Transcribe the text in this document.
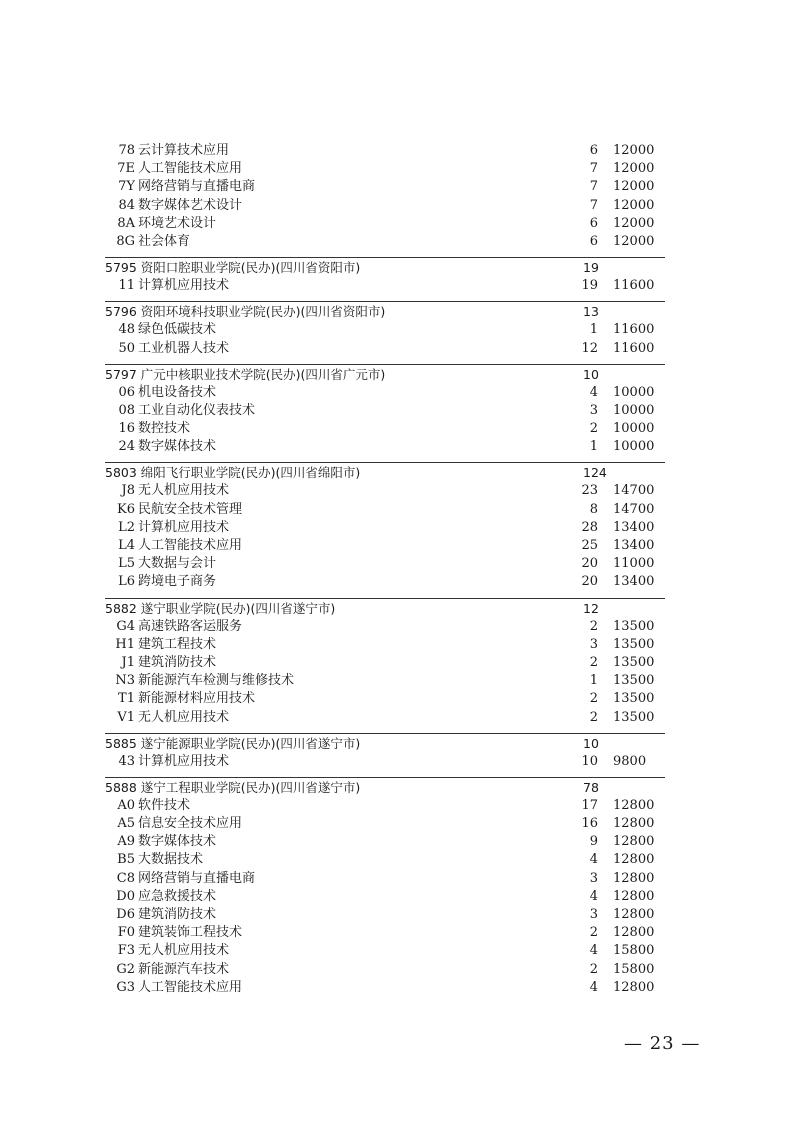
78 云计算技术应用	6 12000
7E 人工智能技术应用	7 12000
7Y 网络营销与直播电商	7 12000
84 数字媒体艺术设计	7 12000
8A 环境艺术设计	6 12000
8G 社会体育	6 12000
5795 资阳口腔职业学院(民办)(四川省资阳市)	19
11 计算机应用技术	19 11600
5796 资阳环境科技职业学院(民办)(四川省资阳市)	13
48 绿色低碳技术	1 11600
50 工业机器人技术	12 11600
5797 广元中核职业技术学院(民办)(四川省广元市)	10
06 机电设备技术	4 10000
08 工业自动化仪表技术	3 10000
16 数控技术	2 10000
24 数字媒体技术	1 10000
5803 绵阳飞行职业学院(民办)(四川省绵阳市)	124
J8 无人机应用技术	23 14700
K6 民航安全技术管理	8 14700
L2 计算机应用技术	28 13400
L4 人工智能技术应用	25 13400
L5 大数据与会计	20 11000
L6 跨境电子商务	20 13400
5882 遂宁职业学院(民办)(四川省遂宁市)	12
G4 高速铁路客运服务	2 13500
H1 建筑工程技术	3 13500
J1 建筑消防技术	2 13500
N3 新能源汽车检测与维修技术	1 13500
T1 新能源材料应用技术	2 13500
V1 无人机应用技术	2 13500
5885 遂宁能源职业学院(民办)(四川省遂宁市)	10
43 计算机应用技术	10 9800
5888 遂宁工程职业学院(民办)(四川省遂宁市)	78
A0 软件技术	17 12800
A5 信息安全技术应用	16 12800
A9 数字媒体技术	9 12800
B5 大数据技术	4 12800
C8 网络营销与直播电商	3 12800
D0 应急救援技术	4 12800
D6 建筑消防技术	3 12800
F0 建筑装饰工程技术	2 12800
F3 无人机应用技术	4 15800
G2 新能源汽车技术	2 15800
G3 人工智能技术应用	4 12800
— 23 —
